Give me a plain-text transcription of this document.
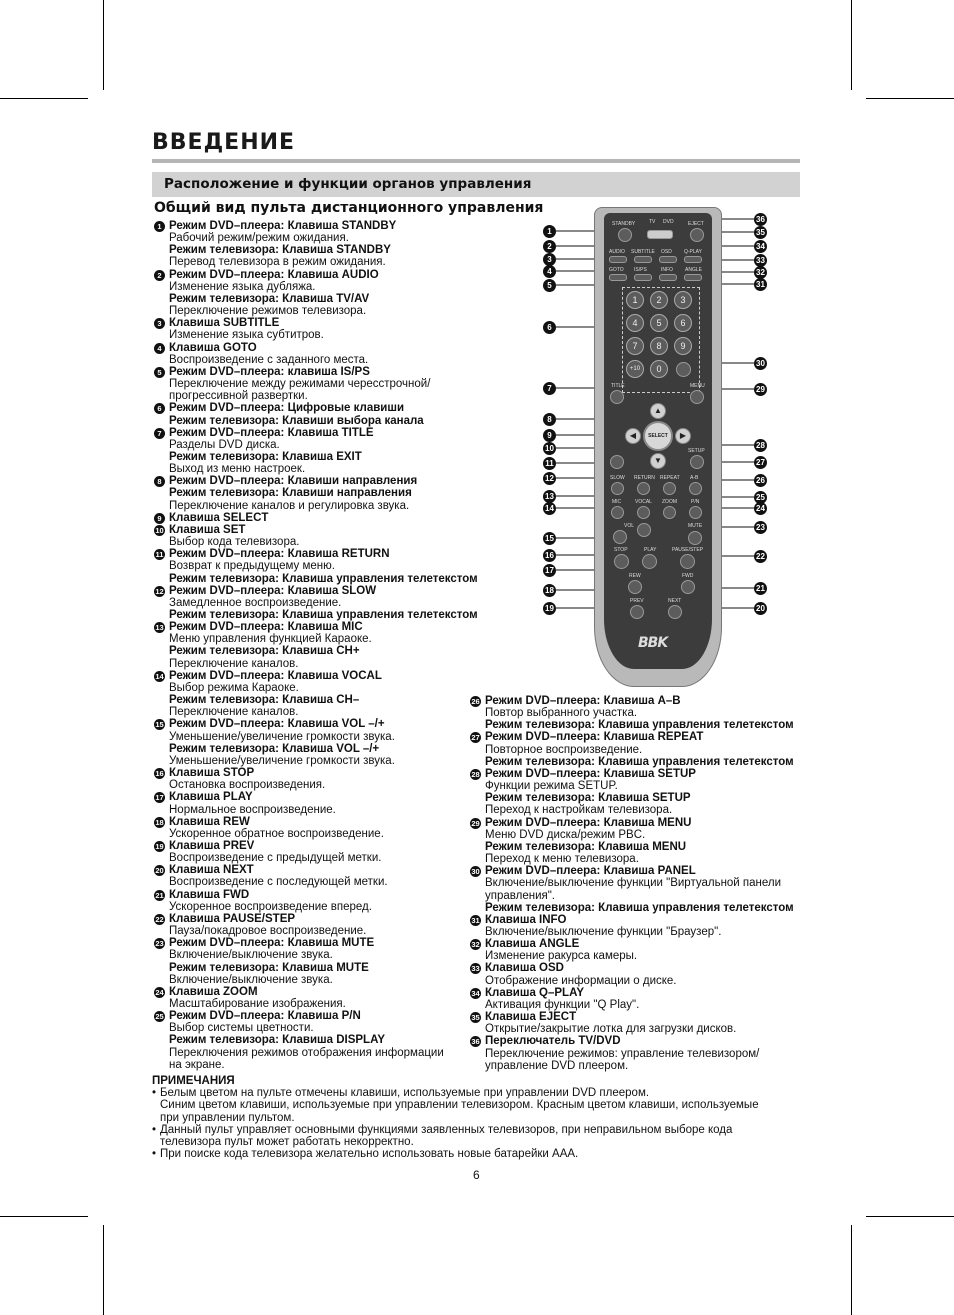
ВВЕДЕНИЕ
Расположение и функции органов управления
Общий вид пульта дистанционного управления
1 Режим DVD–плеера: Клавиша STANDBY
Рабочий режим/режим ожидания.
Режим телевизора: Клавиша STANDBY
Перевод телевизора в режим ожидания.
2 Режим DVD–плеера: Клавиша AUDIO
Изменение языка дубляжа.
Режим телевизора: Клавиша TV/AV
Переключение режимов телевизора.
3 Клавиша SUBTITLE
Изменение языка субтитров.
4 Клавиша GOTO
Воспроизведение с заданного места.
5 Режим DVD–плеера: клавиша IS/PS
Переключение между режимами чересстрочной/
прогрессивной развертки.
6 Режим DVD–плеера: Цифровые клавиши
Режим телевизора: Клавиши выбора канала
7 Режим DVD–плеера: Клавиша TITLE
Разделы DVD диска.
Режим телевизора: Клавиша EXIT
Выход из меню настроек.
8 Режим DVD–плеера: Клавиши направления
Режим телевизора: Клавиши направления
Переключение каналов и регулировка звука.
9 Клавиша SELECT
10 Клавиша SET
Выбор кода телевизора.
11 Режим DVD–плеера: Клавиша RETURN
Возврат к предыдущему меню.
Режим телевизора: Клавиша управления телетекстом
12 Режим DVD–плеера: Клавиша SLOW
Замедленное воспроизведение.
Режим телевизора: Клавиша управления телетекстом
13 Режим DVD–плеера: Клавиша MIC
Меню управления функцией Караоке.
Режим телевизора: Клавиша CH+
Переключение каналов.
14 Режим DVD–плеера: Клавиша VOCAL
Выбор режима Караоке.
Режим телевизора: Клавиша CH–
Переключение каналов.
15 Режим DVD–плеера: Клавиша VOL –/+
Уменьшение/увеличение громкости звука.
Режим телевизора: Клавиша VOL –/+
Уменьшение/увеличение громкости звука.
16 Клавиша STOP
Остановка воспроизведения.
17 Клавиша PLAY
Нормальное воспроизведение.
18 Клавиша REW
Ускоренное обратное воспроизведение.
19 Клавиша PREV
Воспроизведение с предыдущей метки.
20 Клавиша NEXT
Воспроизведение с последующей метки.
21 Клавиша FWD
Ускоренное воспроизведение вперед.
22 Клавиша PAUSE/STEP
Пауза/покадровое воспроизведение.
23 Режим DVD–плеера: Клавиша MUTE
Включение/выключение звука.
Режим телевизора: Клавиша MUTE
Включение/выключение звука.
24 Клавиша ZOOM
Масштабирование изображения.
25 Режим DVD–плеера: Клавиша P/N
Выбор системы цветности.
Режим телевизора: Клавиша DISPLAY
Переключения режимов отображения информации
на экране.
26 Режим DVD–плеера: Клавиша A–B
Повтор выбранного участка.
Режим телевизора: Клавиша управления телетекстом
27 Режим DVD–плеера: Клавиша REPEAT
Повторное воспроизведение.
Режим телевизора: Клавиша управления телетекстом
28 Режим DVD–плеера: Клавиша SETUP
Функции режима SETUP.
Режим телевизора: Клавиша SETUP
Переход к настройкам телевизора.
29 Режим DVD–плеера: Клавиша MENU
Меню DVD диска/режим PBC.
Режим телевизора: Клавиша MENU
Переход к меню телевизора.
30 Режим DVD–плеера: Клавиша PANEL
Включение/выключение функции "Виртуальной панели
управления".
Режим телевизора: Клавиша управления телетекстом
31 Клавиша INFO
Включение/выключение функции "Браузер".
32 Клавиша ANGLE
Изменение ракурса камеры.
33 Клавиша OSD
Отображение информации о диске.
34 Клавиша Q–PLAY
Активация функции "Q Play".
35 Клавиша EJECT
Открытие/закрытие лотка для загрузки дисков.
36 Переключатель TV/DVD
Переключение режимов: управление телевизором/
управление DVD плеером.
STANDBY	TV DVD	EJECT
AUDIO SUBTITLE OSD Q-PLAY
GOTO IS/PS	INFO ANGLE
1	2	3
4	5	6
7	8	9
+10	0
TITLE	MENU
▲
◀	▶
▼
SELECT
SETUP
SLOW RETURN REPEAT A-B
MIC	VOCAL ZOOM	P/N
VOL	MUTE
STOP	PLAY	PAUSE/STEP
REW	FWD
PREV	NEXT
BBK
1
2
3
4
5
6
7
8
9
10
11
12
13
14
15
16
17
18
19
36
35
34
33
32
31
30
29
28
27
26
25
24
23
22
21
20
ПРИМЕЧАНИЯ
• Белым цветом на пульте отмечены клавиши, используемые при управлении DVD плеером.
Синим цветом клавиши, используемые при управлении телевизором. Красным цветом клавиши, используемые
при управлении пультом.
• Данный пульт управляет основными функциями заявленных телевизоров, при неправильном выборе кода
телевизора пульт может работать некорректно.
• При поиске кода телевизора желательно использовать новые батарейки ААА.
6
